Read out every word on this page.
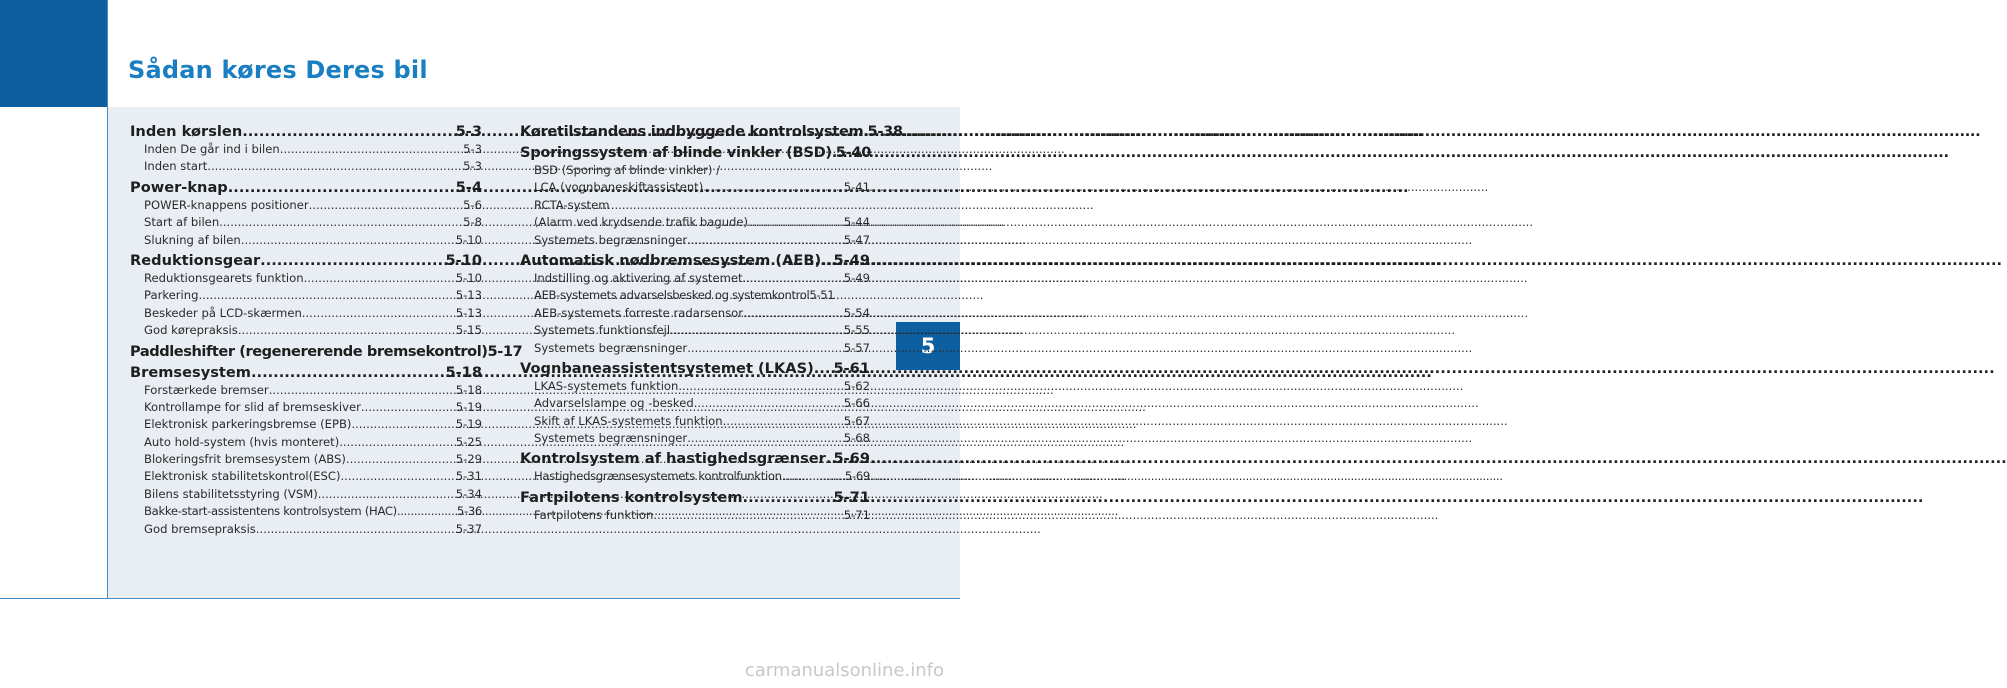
Sådan køres Deres bil
5
Inden kørslen .....	5-3
Inden De går ind i bilen .....	5-3
Inden start .....	5-3
Power-knap .....	5-4
POWER-knappens positioner .....	5-6
Start af bilen .....	5-8
Slukning af bilen .....	5-10
Reduktionsgear .....	5-10
Reduktionsgearets funktion .....	5-10
Parkering .....	5-13
Beskeder på LCD-skærmen .....	5-13
God kørepraksis .....	5-15
Paddleshifter (regenererende bremsekontrol) 5-17
Bremsesystem .....	5-18
Forstærkede bremser .....	5-18
Kontrollampe for slid af bremseskiver .....	5-19
Elektronisk parkeringsbremse (EPB) .....	5-19
Auto hold-system (hvis monteret) .....	5-25
Blokeringsfrit bremsesystem (ABS) .....	5-29
Elektronisk stabilitetskontrol(ESC) .....	5-31
Bilens stabilitetsstyring (VSM) .....	5-34
Bakke-start-assistentens kontrolsystem (HAC) .....	5-36
God bremsepraksis .....	5-37
Køretilstandens indbyggede kontrolsystem ..... 5-38
Sporingssystem af blinde vinkler (BSD) ..... 5-40
BSD (Sporing af blinde vinkler) /
LCA (vognbaneskiftassistent) .....	5-41
RCTA-system
(Alarm ved krydsende trafik bagude) .....	5-44
Systemets begrænsninger .....	5-47
Automatisk nødbremsesystem (AEB) ..... 5-49
Indstilling og aktivering af systemet .....	5-49
AEB-systemets advarselsbesked og systemkontrol 5-51
AEB-systemets forreste radarsensor .....	5-54
Systemets funktionsfejl .....	5-55
Systemets begrænsninger .....	5-57
Vognbaneassistentsystemet (LKAS) ..... 5-61
LKAS-systemets funktion .....	5-62
Advarselslampe og -besked .....	5-66
Skift af LKAS-systemets funktion .....	5-67
Systemets begrænsninger .....	5-68
Kontrolsystem af hastighedsgrænser ..... 5-69
Hastighedsgrænsesystemets kontrolfunktion .....	5-69
Fartpilotens kontrolsystem .....	5-71
Fartpilotens funktion .....	5-71
carmanualsonline.info
